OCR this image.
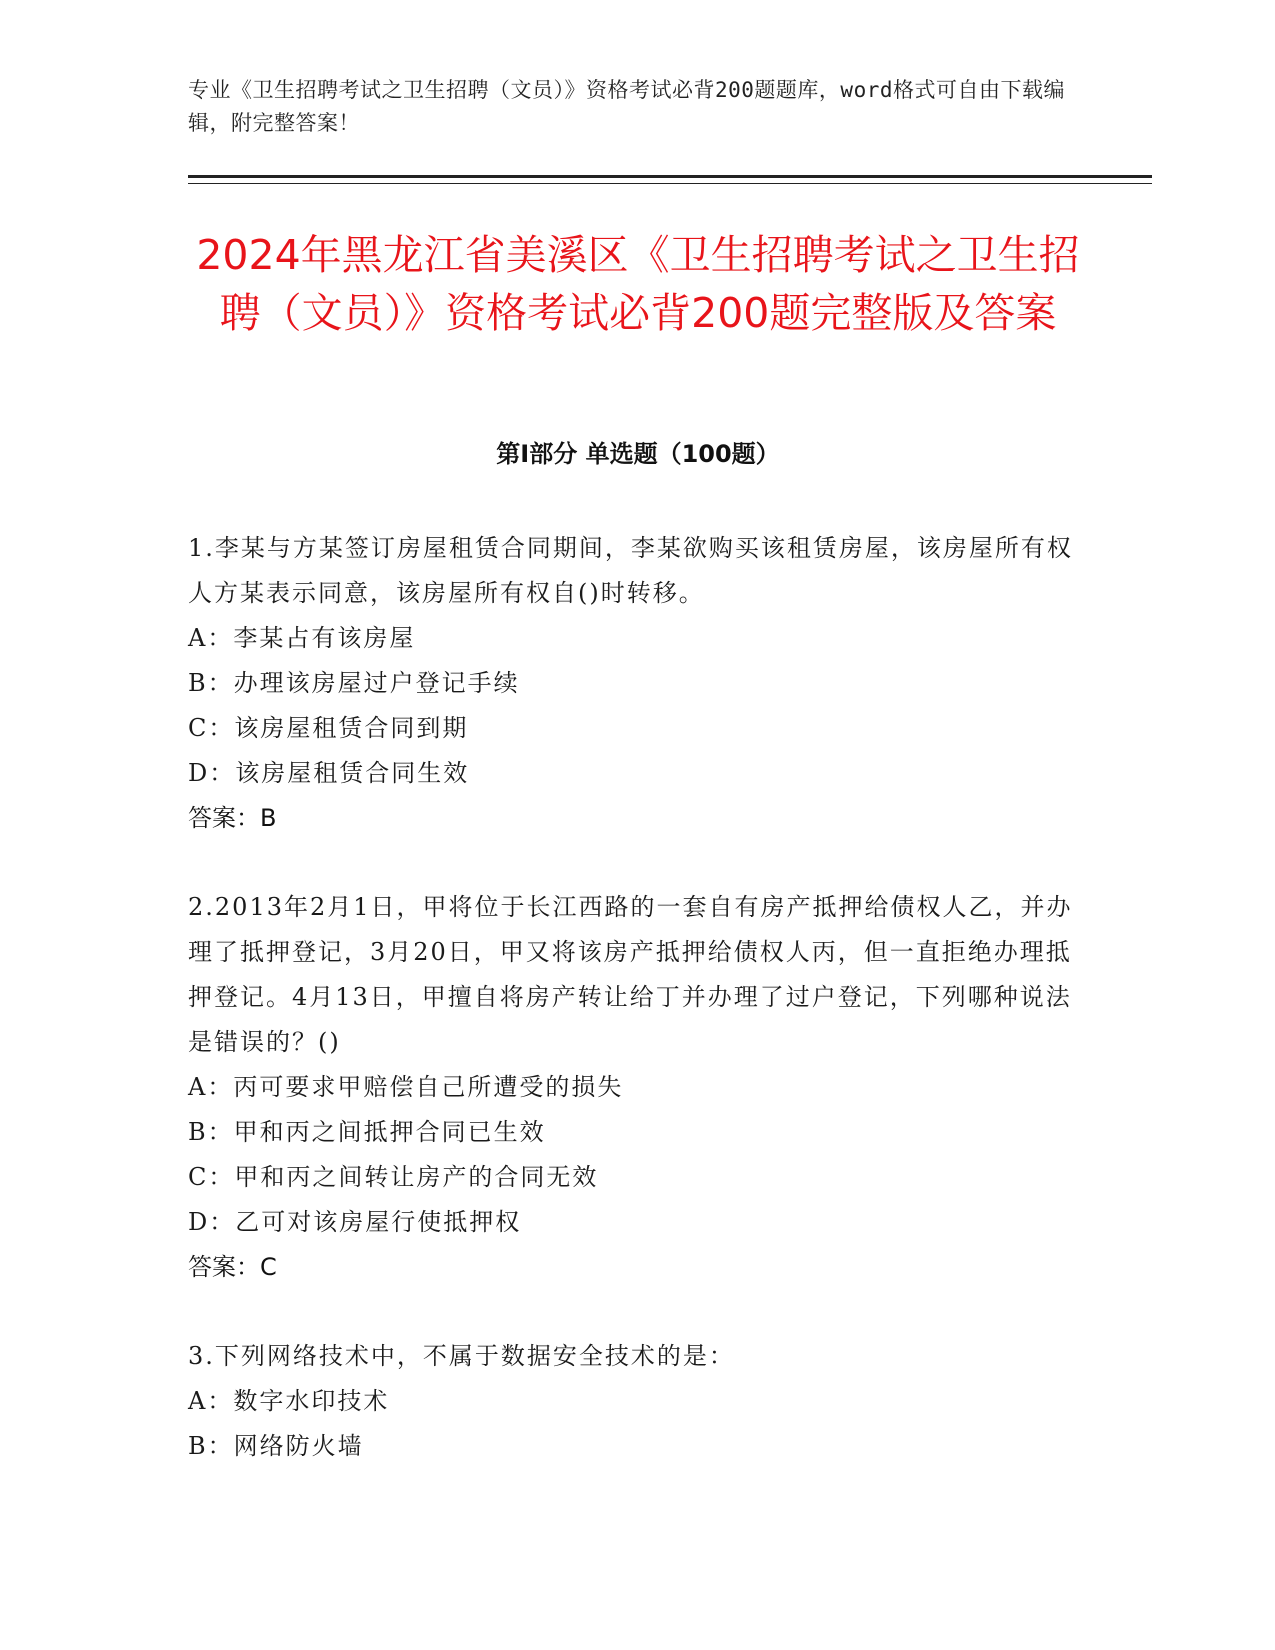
专业《卫生招聘考试之卫生招聘（文员）》资格考试必背200题题库，word格式可自由下载编辑，附完整答案！
2024年黑龙江省美溪区《卫生招聘考试之卫生招聘（文员）》资格考试必背200题完整版及答案
第I部分 单选题（100题）

1.李某与方某签订房屋租赁合同期间，李某欲购买该租赁房屋，该房屋所有权人方某表示同意，该房屋所有权自()时转移。

A：李某占有该房屋

B：办理该房屋过户登记手续

C：该房屋租赁合同到期

D：该房屋租赁合同生效

答案：B

2.2013年2月1日，甲将位于长江西路的一套自有房产抵押给债权人乙，并办理了抵押登记，3月20日，甲又将该房产抵押给债权人丙，但一直拒绝办理抵押登记。4月13日，甲擅自将房产转让给丁并办理了过户登记，下列哪种说法是错误的？()

A：丙可要求甲赔偿自己所遭受的损失

B：甲和丙之间抵押合同已生效

C：甲和丙之间转让房产的合同无效

D：乙可对该房屋行使抵押权

答案：C

3.下列网络技术中，不属于数据安全技术的是：

A：数字水印技术

B：网络防火墙
